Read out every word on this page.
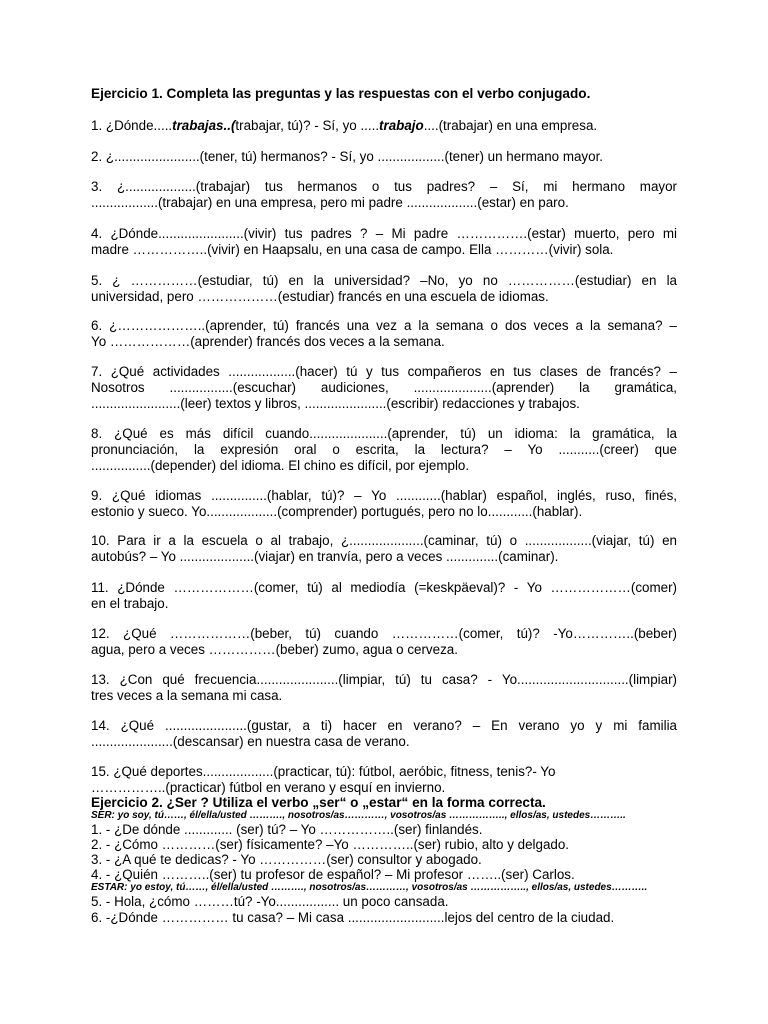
Ejercicio 1. Completa las preguntas y las respuestas con el verbo conjugado.
1. ¿Dónde.....trabajas..(trabajar, tú)? - Sí, yo .....trabajo....(trabajar) en una empresa.
2. ¿.......................(tener, tú) hermanos? - Sí, yo ..................(tener) un hermano mayor.
3. ¿...................(trabajar) tus hermanos o tus padres? – Sí, mi hermano mayor
..................(trabajar) en una empresa, pero mi padre ...................(estar) en paro.
4. ¿Dónde.......................(vivir) tus padres ? – Mi padre …………….(estar) muerto, pero mi
madre ……………..(vivir) en Haapsalu, en una casa de campo. Ella …………(vivir) sola.
5. ¿ ……………(estudiar, tú) en la universidad? –No, yo no ……………(estudiar) en la
universidad, pero ………………(estudiar) francés en una escuela de idiomas.
6. ¿………………..(aprender, tú) francés una vez a la semana o dos veces a la semana? –
Yo ………………(aprender) francés dos veces a la semana.
7. ¿Qué actividades ..................(hacer) tú y tus compañeros en tus clases de francés? –
Nosotros .................(escuchar) audiciones, .....................(aprender) la gramática,
........................(leer) textos y libros, ......................(escribir) redacciones y trabajos.
8. ¿Qué es más difícil cuando.....................(aprender, tú) un idioma: la gramática, la
pronunciación, la expresión oral o escrita, la lectura? – Yo ...........(creer) que
................(depender) del idioma. El chino es difícil, por ejemplo.
9. ¿Qué idiomas ...............(hablar, tú)? – Yo ............(hablar) español, inglés, ruso, finés,
estonio y sueco. Yo...................(comprender) portugués, pero no lo............(hablar).
10. Para ir a la escuela o al trabajo, ¿....................(caminar, tú) o ..................(viajar, tú) en
autobús? – Yo ....................(viajar) en tranvía, pero a veces ..............(caminar).
11. ¿Dónde ………………(comer, tú) al mediodía (=keskpäeval)? - Yo ………………(comer)
en el trabajo.
12. ¿Qué ………………(beber, tú) cuando ……………(comer, tú)? -Yo…………..(beber)
agua, pero a veces ……………(beber) zumo, agua o cerveza.
13. ¿Con qué frecuencia......................(limpiar, tú) tu casa? - Yo..............................(limpiar)
tres veces a la semana mi casa.
14. ¿Qué ......................(gustar, a ti) hacer en verano? – En verano yo y mi familia
......................(descansar) en nuestra casa de verano.
15. ¿Qué deportes...................(practicar, tú): fútbol, aeróbic, fitness, tenis?- Yo
……………..(practicar) fútbol en verano y esquí en invierno.
Ejercicio 2. ¿Ser ? Utiliza el verbo „ser“ o „estar“ en la forma correcta.
SER: yo soy, tú……, él/ella/usted ………., nosotros/as…………, vosotros/as …………….., ellos/as, ustedes………..
1. - ¿De dónde ............. (ser) tú? – Yo ……………..(ser) finlandés.
2. - ¿Cómo …………(ser) físicamente? –Yo …………..(ser) rubio, alto y delgado.
3. - ¿A qué te dedicas? - Yo ……………(ser) consultor y abogado.
4. - ¿Quién ………..(ser) tu profesor de español? – Mi profesor ……..(ser) Carlos.
ESTAR: yo estoy, tú……, él/ella/usted ………., nosotros/as…………, vosotros/as …………….., ellos/as, ustedes………..
5. - Hola, ¿cómo ………tú? -Yo................. un poco cansada.
6. -¿Dónde …………… tu casa? – Mi casa ..........................lejos del centro de la ciudad.
